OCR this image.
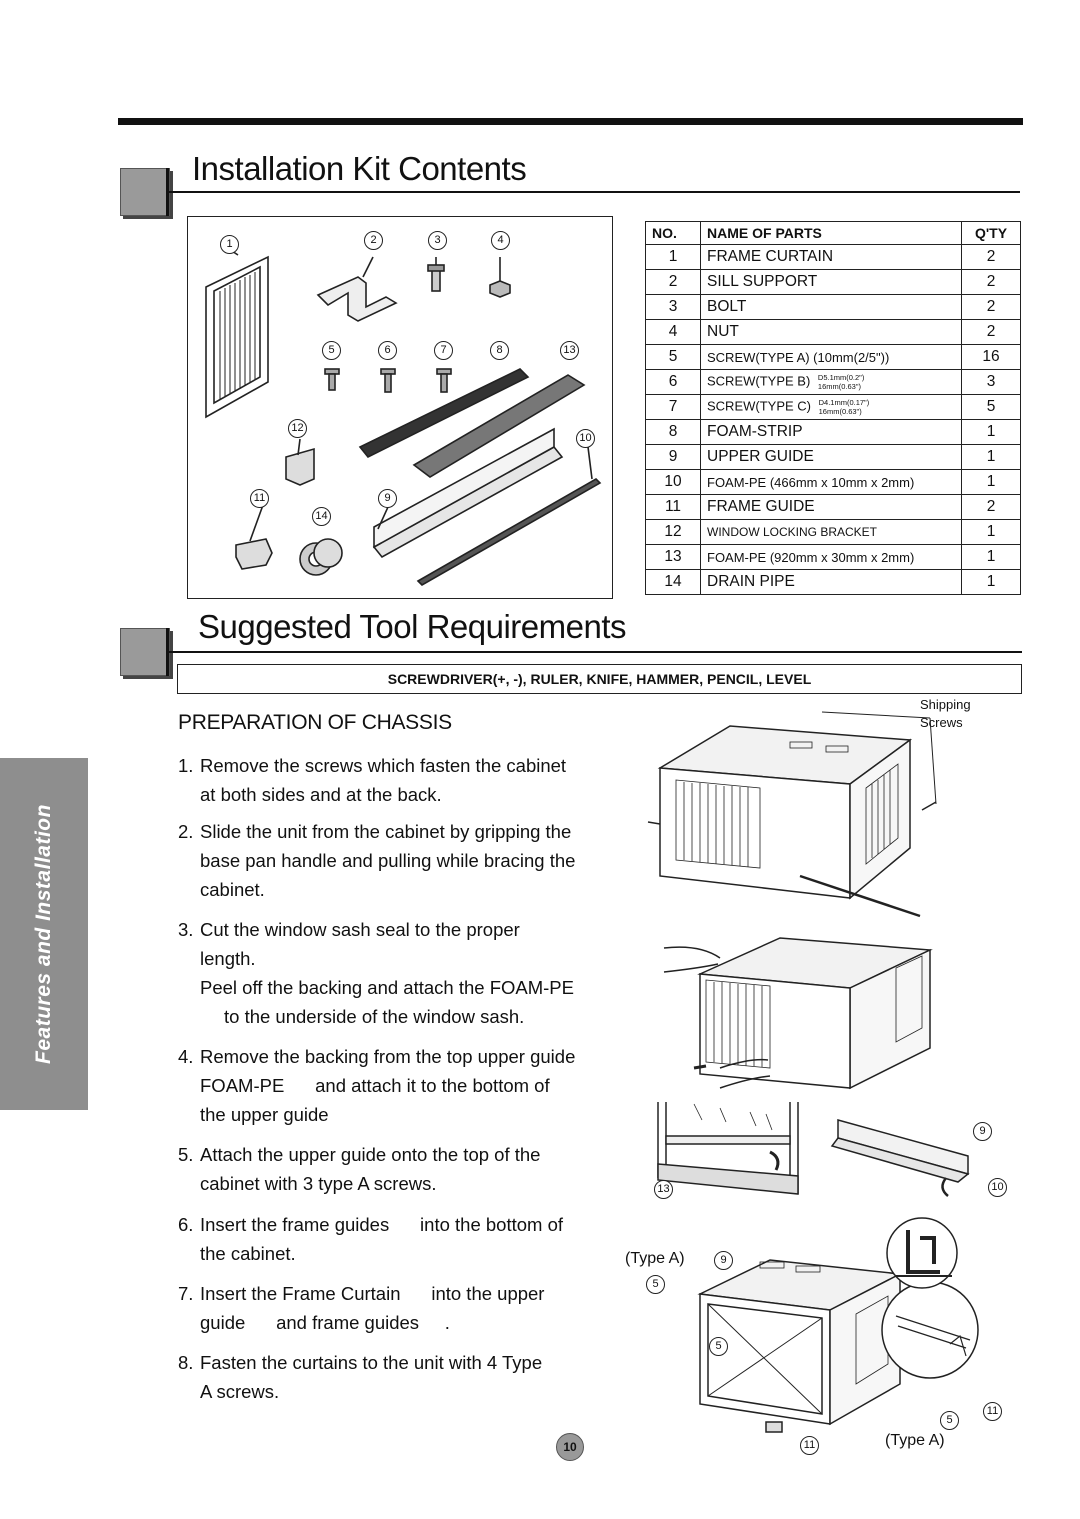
Installation Kit Contents
1	2	3	4
5	6	7	8	13
12
10
11	9
14
NO.	NAME OF PARTS	Q'TY
1	FRAME CURTAIN	2
2	SILL SUPPORT	2
3	BOLT	2
4	NUT	2
5	SCREW(TYPE A) (10mm(2/5"))	16
6	SCREW(TYPE B) D5.1mm(0.2")
16mm(0.63")	3
7	SCREW(TYPE C) D4.1mm(0.17")
16mm(0.63")	5
8	FOAM-STRIP	1
9	UPPER GUIDE	1
10	FOAM-PE (466mm x 10mm x 2mm)	1
11	FRAME GUIDE	2
12	WINDOW LOCKING BRACKET	1
13	FOAM-PE (920mm x 30mm x 2mm)	1
14	DRAIN PIPE	1
Suggested Tool Requirements
SCREWDRIVER(+, -), RULER, KNIFE, HAMMER, PENCIL, LEVEL
Features and Installation
PREPARATION OF CHASSIS
1. Remove the screws which fasten the cabinet
at both sides and at the back.
2. Slide the unit from the cabinet by gripping the
base pan handle and pulling while bracing the
cabinet.
3. Cut the window sash seal to the proper
length.
Peel off the backing and attach the FOAM-PE
to the underside of the window sash.
4. Remove the backing from the top upper guide
FOAM-PE      and attach it to the bottom of
the upper guide
5. Attach the upper guide onto the top of the
cabinet with 3 type A screws.
6. Insert the frame guides      into the bottom of
the cabinet.
7. Insert the Frame Curtain      into the upper
guide      and frame guides     .
8. Fasten the curtains to the unit with 4 Type
A screws.
Shipping
Screws
9
13	10
(Type A)	9
5
5
5
11
11	(Type A)
10
